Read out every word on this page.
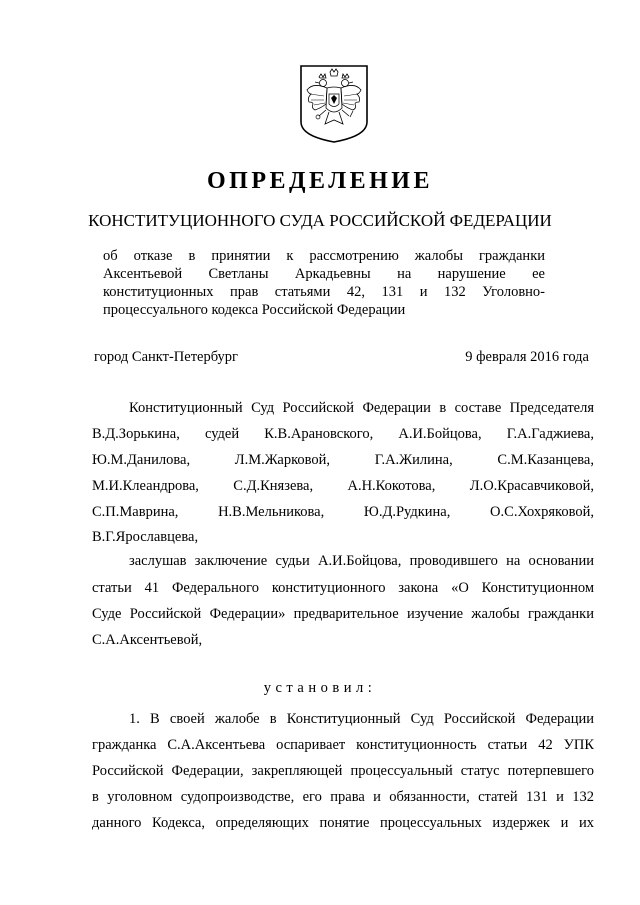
ОПРЕДЕЛЕНИЕ
КОНСТИТУЦИОННОГО СУДА РОССИЙСКОЙ ФЕДЕРАЦИИ
об отказе в принятии к рассмотрению жалобы гражданки
Аксентьевой Светланы Аркадьевны на нарушение ее
конституционных прав статьями 42, 131 и 132 Уголовно-
процессуального кодекса Российской Федерации
город Санкт-Петербург	9 февраля 2016 года
Конституционный Суд Российской Федерации в составе Председателя
В.Д.Зорькина, судей К.В.Арановского, А.И.Бойцова, Г.А.Гаджиева,
Ю.М.Данилова, Л.М.Жарковой, Г.А.Жилина, С.М.Казанцева,
М.И.Клеандрова, С.Д.Князева, А.Н.Кокотова, Л.О.Красавчиковой,
С.П.Маврина, Н.В.Мельникова, Ю.Д.Рудкина, О.С.Хохряковой,
В.Г.Ярославцева,
заслушав заключение судьи А.И.Бойцова, проводившего на основании
статьи 41 Федерального конституционного закона «О Конституционном
Суде Российской Федерации» предварительное изучение жалобы гражданки
С.А.Аксентьевой,
1. В своей жалобе в Конституционный Суд Российской Федерации
гражданка С.А.Аксентьева оспаривает конституционность статьи 42 УПК
Российской Федерации, закрепляющей процессуальный статус потерпевшего
в уголовном судопроизводстве, его права и обязанности, статей 131 и 132
данного Кодекса, определяющих понятие процессуальных издержек и их
установил:
